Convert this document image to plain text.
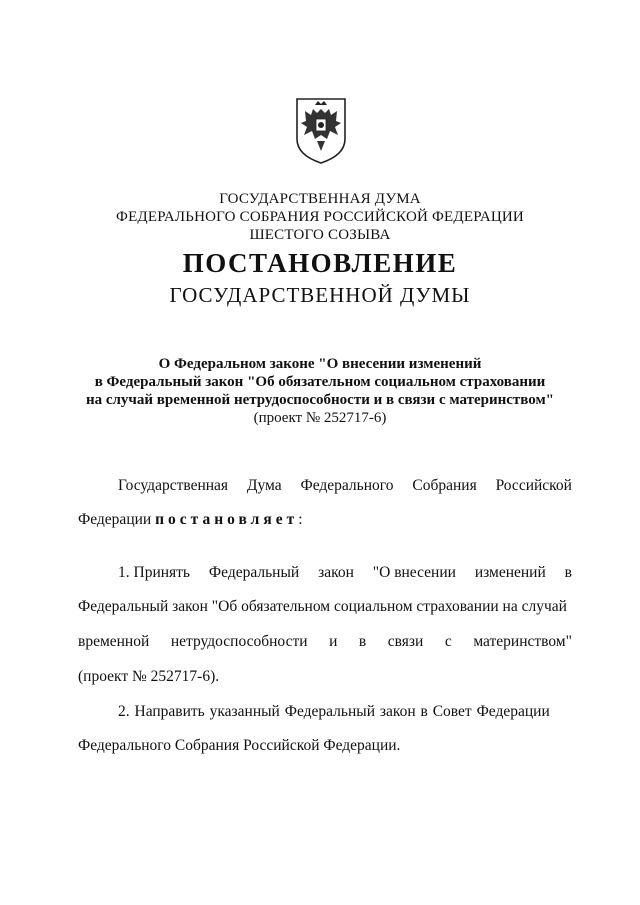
ГОСУДАРСТВЕННАЯ ДУМА
ФЕДЕРАЛЬНОГО СОБРАНИЯ РОССИЙСКОЙ ФЕДЕРАЦИИ
ШЕСТОГО СОЗЫВА
ПОСТАНОВЛЕНИЕ
ГОСУДАРСТВЕННОЙ ДУМЫ
О Федеральном законе "О внесении изменений
в Федеральный закон "Об обязательном социальном страховании
на случай временной нетрудоспособности и в связи с материнством"
(проект № 252717-6)
Государственная Дума Федерального Собрания Российской
Федерации постановляет:
1. Принять Федеральный закон "О внесении изменений в
Федеральный закон "Об обязательном социальном страховании на случай
временной нетрудоспособности и в связи с материнством"
(проект № 252717-6).
2. Направить указанный Федеральный закон в Совет Федерации
Федерального Собрания Российской Федерации.
